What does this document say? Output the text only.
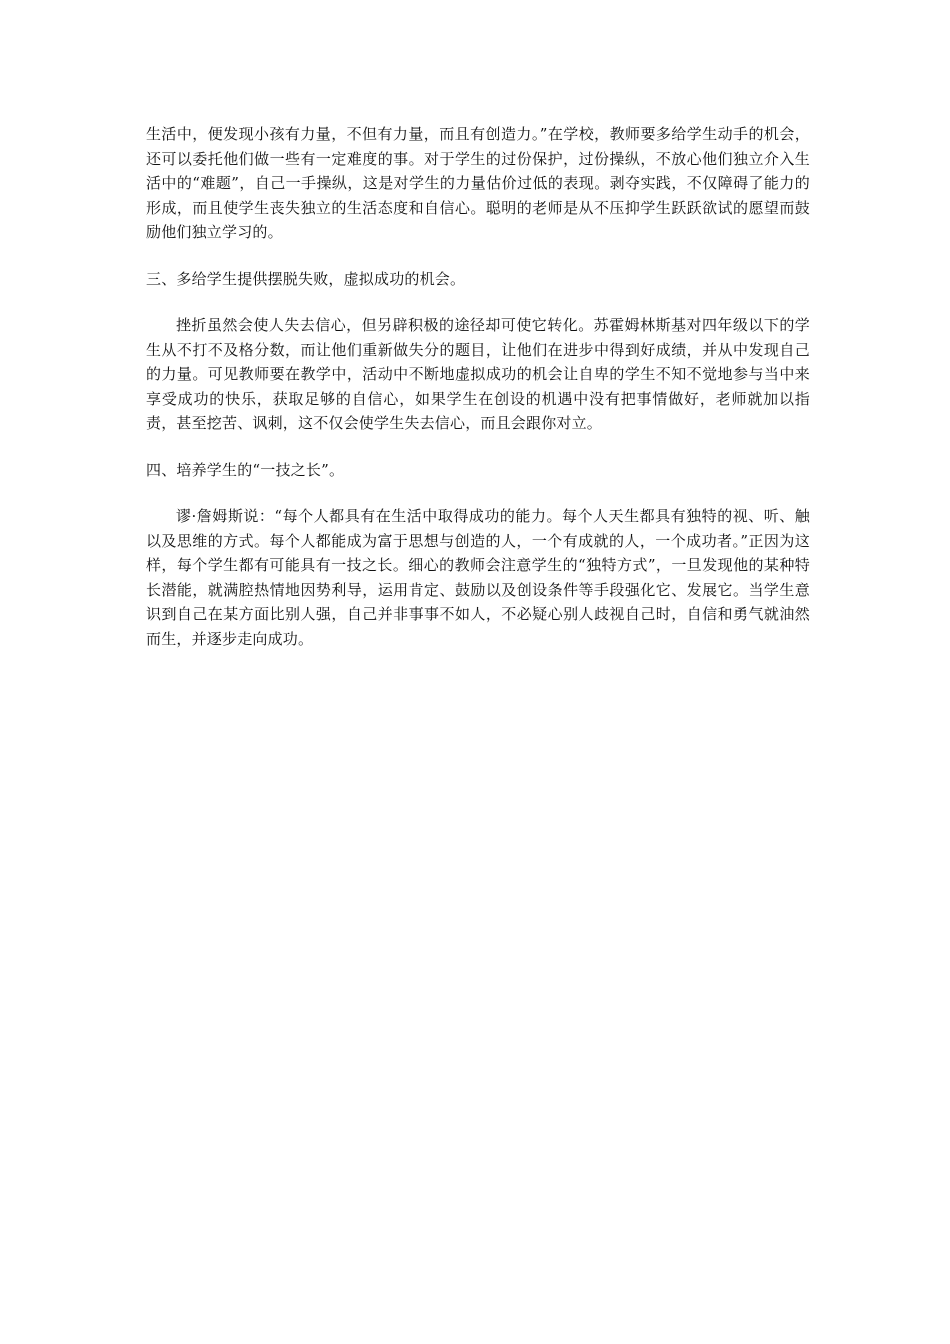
生活中，便发现小孩有力量，不但有力量，而且有创造力。”在学校，教师要多给学生动手的机会，还可以委托他们做一些有一定难度的事。对于学生的过份保护，过份操纵，不放心他们独立介入生活中的“难题”，自己一手操纵，这是对学生的力量估价过低的表现。剥夺实践，不仅障碍了能力的形成，而且使学生丧失独立的生活态度和自信心。聪明的老师是从不压抑学生跃跃欲试的愿望而鼓励他们独立学习的。

三、多给学生提供摆脱失败，虚拟成功的机会。

挫折虽然会使人失去信心，但另辟积极的途径却可使它转化。苏霍姆林斯基对四年级以下的学生从不打不及格分数，而让他们重新做失分的题目，让他们在进步中得到好成绩，并从中发现自己的力量。可见教师要在教学中，活动中不断地虚拟成功的机会让自卑的学生不知不觉地参与当中来享受成功的快乐，获取足够的自信心，如果学生在创设的机遇中没有把事情做好，老师就加以指责，甚至挖苦、讽刺，这不仅会使学生失去信心，而且会跟你对立。

四、培养学生的“一技之长”。

谬·詹姆斯说：“每个人都具有在生活中取得成功的能力。每个人天生都具有独特的视、听、触以及思维的方式。每个人都能成为富于思想与创造的人，一个有成就的人，一个成功者。”正因为这样，每个学生都有可能具有一技之长。细心的教师会注意学生的“独特方式”，一旦发现他的某种特长潜能，就满腔热情地因势利导，运用肯定、鼓励以及创设条件等手段强化它、发展它。当学生意识到自己在某方面比别人强，自己并非事事不如人，不必疑心别人歧视自己时，自信和勇气就油然而生，并逐步走向成功。
